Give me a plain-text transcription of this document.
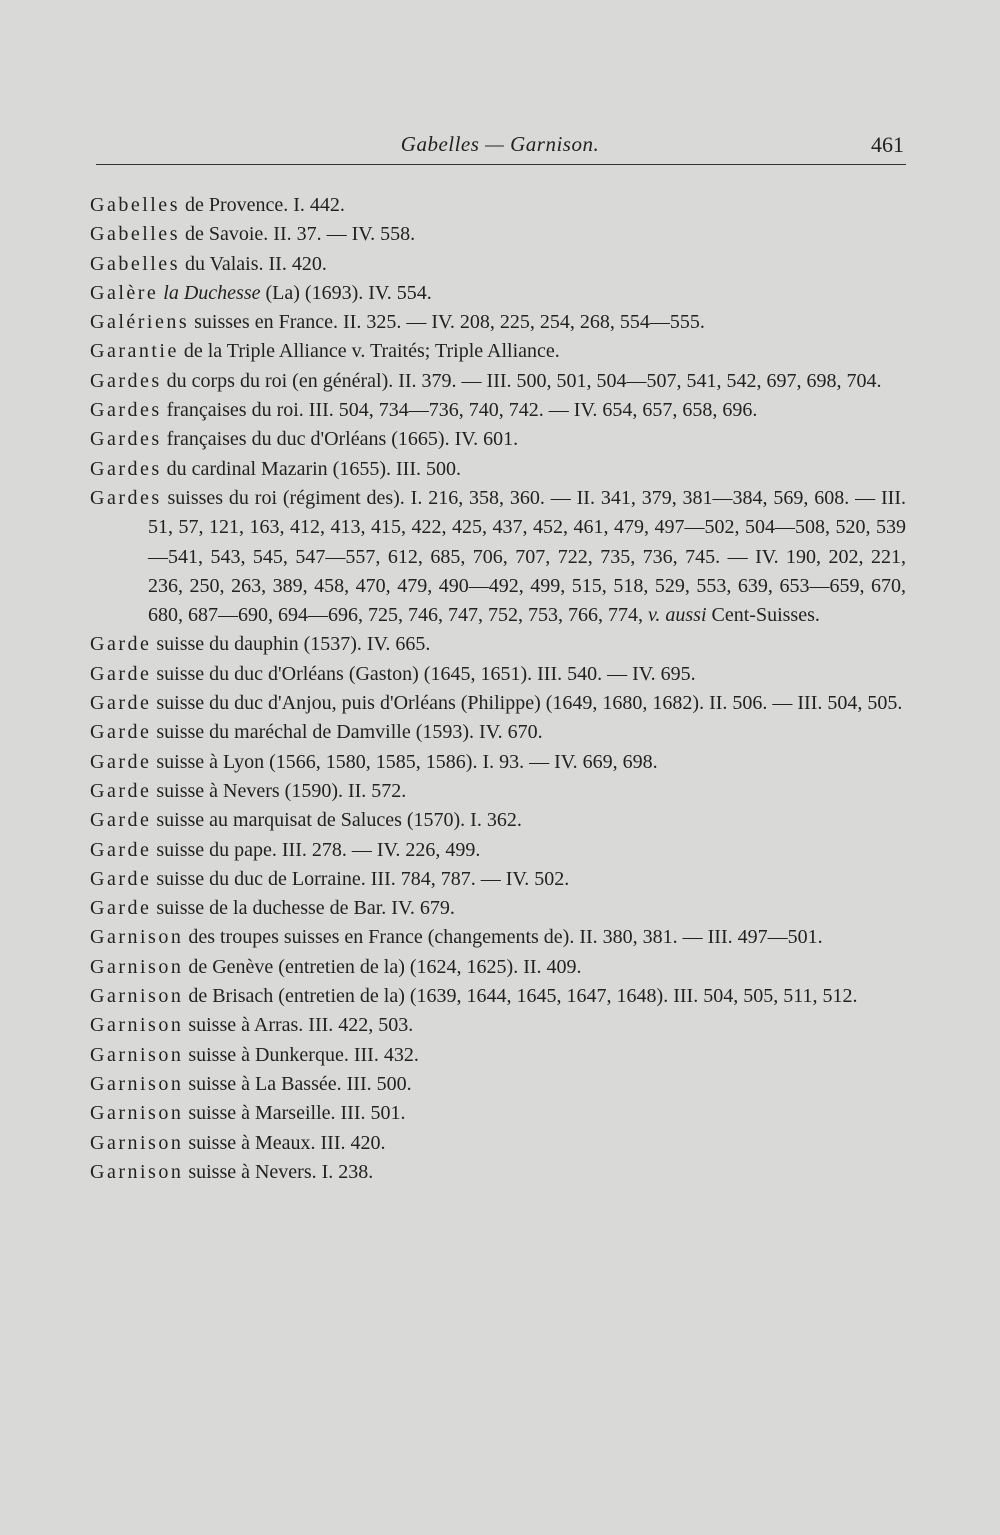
Gabelles — Garnison.	461
Gabelles de Provence. I. 442.
Gabelles de Savoie. II. 37. — IV. 558.
Gabelles du Valais. II. 420.
Galère la Duchesse (La) (1693). IV. 554.
Galériens suisses en France. II. 325. — IV. 208, 225, 254, 268, 554—555.
Garantie de la Triple Alliance v. Traités; Triple Alliance.
Gardes du corps du roi (en général). II. 379. — III. 500, 501, 504—507, 541, 542, 697, 698, 704.
Gardes françaises du roi. III. 504, 734—736, 740, 742. — IV. 654, 657, 658, 696.
Gardes françaises du duc d'Orléans (1665). IV. 601.
Gardes du cardinal Mazarin (1655). III. 500.
Gardes suisses du roi (régiment des). I. 216, 358, 360. — II. 341, 379, 381—384, 569, 608. — III. 51, 57, 121, 163, 412, 413, 415, 422, 425, 437, 452, 461, 479, 497—502, 504—508, 520, 539—541, 543, 545, 547—557, 612, 685, 706, 707, 722, 735, 736, 745. — IV. 190, 202, 221, 236, 250, 263, 389, 458, 470, 479, 490—492, 499, 515, 518, 529, 553, 639, 653—659, 670, 680, 687—690, 694—696, 725, 746, 747, 752, 753, 766, 774, v. aussi Cent-Suisses.
Garde suisse du dauphin (1537). IV. 665.
Garde suisse du duc d'Orléans (Gaston) (1645, 1651). III. 540. — IV. 695.
Garde suisse du duc d'Anjou, puis d'Orléans (Philippe) (1649, 1680, 1682). II. 506. — III. 504, 505.
Garde suisse du maréchal de Damville (1593). IV. 670.
Garde suisse à Lyon (1566, 1580, 1585, 1586). I. 93. — IV. 669, 698.
Garde suisse à Nevers (1590). II. 572.
Garde suisse au marquisat de Saluces (1570). I. 362.
Garde suisse du pape. III. 278. — IV. 226, 499.
Garde suisse du duc de Lorraine. III. 784, 787. — IV. 502.
Garde suisse de la duchesse de Bar. IV. 679.
Garnison des troupes suisses en France (changements de). II. 380, 381. — III. 497—501.
Garnison de Genève (entretien de la) (1624, 1625). II. 409.
Garnison de Brisach (entretien de la) (1639, 1644, 1645, 1647, 1648). III. 504, 505, 511, 512.
Garnison suisse à Arras. III. 422, 503.
Garnison suisse à Dunkerque. III. 432.
Garnison suisse à La Bassée. III. 500.
Garnison suisse à Marseille. III. 501.
Garnison suisse à Meaux. III. 420.
Garnison suisse à Nevers. I. 238.
